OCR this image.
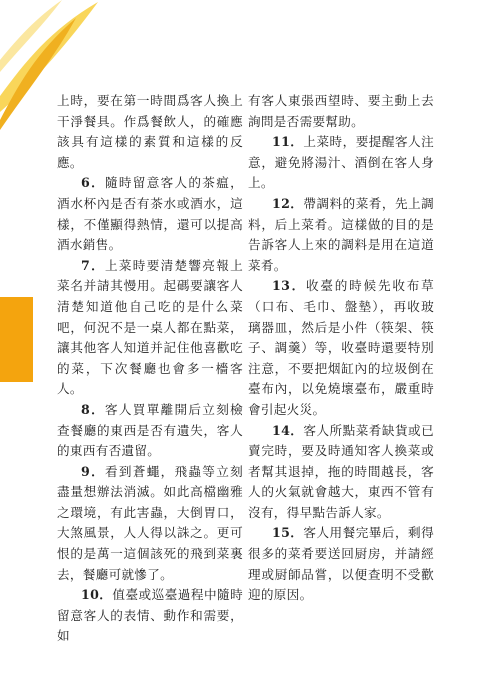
上時，要在第一時間爲客人換上干淨餐具。作爲餐飲人，的確應該具有這樣的素質和這樣的反應。

6．隨時留意客人的茶瘟，酒水杯內是否有茶水或酒水，這樣，不僅顯得熱情，還可以提高酒水銷售。

7．上菜時要清楚響亮報上菜名并請其慢用。起碼要讓客人清楚知道他自己吃的是什么菜吧，何況不是一桌人都在點菜，讓其他客人知道并記住他喜歡吃的菜，下次餐廳也會多一檣客人。

8．客人買單離開后立刻檢查餐廳的東西是否有遺失，客人的東西有否遺留。

9．看到蒼蠅，飛蟲等立刻盡量想辦法消滅。如此高檔幽雅之環境，有此害蟲，大倒胃口，大煞風景，人人得以誅之。更可恨的是萬一這個該死的飛到菜裏去，餐廳可就慘了。

10．值臺或巡臺過程中隨時留意客人的表情、動作和需要，如

有客人東張西望時、要主動上去詢問是否需要幫助。

11．上菜時，要提醒客人注意，避免將湯汁、酒倒在客人身上。

12．帶調料的菜肴，先上調料，后上菜肴。這樣做的目的是告訴客人上來的調料是用在這道菜肴。

13．收臺的時候先收布草（口布、毛巾、盤墊），再收玻璃器皿，然后是小件（筷架、筷子、調羹）等，收臺時還要特別注意，不要把烟缸內的垃圾倒在臺布內，以免燒壞臺布，嚴重時會引起火災。

14．客人所點菜肴缺貨或已賣完時，要及時通知客人換菜或者幫其退掉，拖的時間越長，客人的火氣就會越大，東西不管有沒有，得早點告訴人家。

15．客人用餐完畢后，剩得很多的菜肴要送回厨房，并請經理或厨師品嘗，以便查明不受歡迎的原因。
